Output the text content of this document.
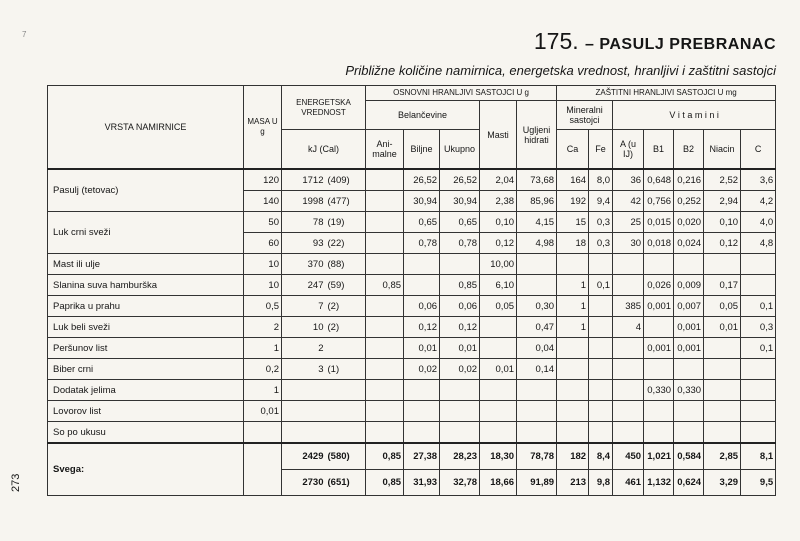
7	175. – PASULJ PREBRANAC
Približne količine namirnica, energetska vrednost, hranljivi i zaštitni sastojci
273
VRSTA NAMIRNICE	MASA U g	ENERGETSKA VREDNOST		OSNOVNI HRANLJIVI SASTOJCI U g					ZAŠTITNI HRANLJIVI SASTOJCI U mg						
				Belančevine			Masti	Ugljeni hidrati	Mineralni sastojci		V i t a m i n i				
		kJ (Cal)		Ani-malne	Biljne	Ukupno			Ca	Fe	A (u IJ)	B1	B2	Niacin	C
Pasulj (tetovac)	120	1712	(409)		26,52	26,52	2,04	73,68	164	8,0	36	0,648	0,216	2,52	3,6
	140	1998	(477)		30,94	30,94	2,38	85,96	192	9,4	42	0,756	0,252	2,94	4,2
Luk crni sveži	50	78	(19)		0,65	0,65	0,10	4,15	15	0,3	25	0,015	0,020	0,10	4,0
	60	93	(22)		0,78	0,78	0,12	4,98	18	0,3	30	0,018	0,024	0,12	4,8
Mast ili ulje	10	370	(88)				10,00								
Slanina suva hamburška	10	247	(59)	0,85		0,85	6,10		1	0,1		0,026	0,009	0,17	
Paprika u prahu	0,5	7	(2)		0,06	0,06	0,05	0,30	1		385	0,001	0,007	0,05	0,1
Luk beli sveži	2	10	(2)		0,12	0,12		0,47	1		4		0,001	0,01	0,3
Peršunov list	1	2			0,01	0,01		0,04				0,001	0,001		0,1
Biber crni	0,2	3	(1)		0,02	0,02	0,01	0,14							
Dodatak jelima	1											0,330	0,330		
Lovorov list	0,01														
So po ukusu															
Svega:		2429	(580)	0,85	27,38	28,23	18,30	78,78	182	8,4	450	1,021	0,584	2,85	8,1
		2730	(651)	0,85	31,93	32,78	18,66	91,89	213	9,8	461	1,132	0,624	3,29	9,5
